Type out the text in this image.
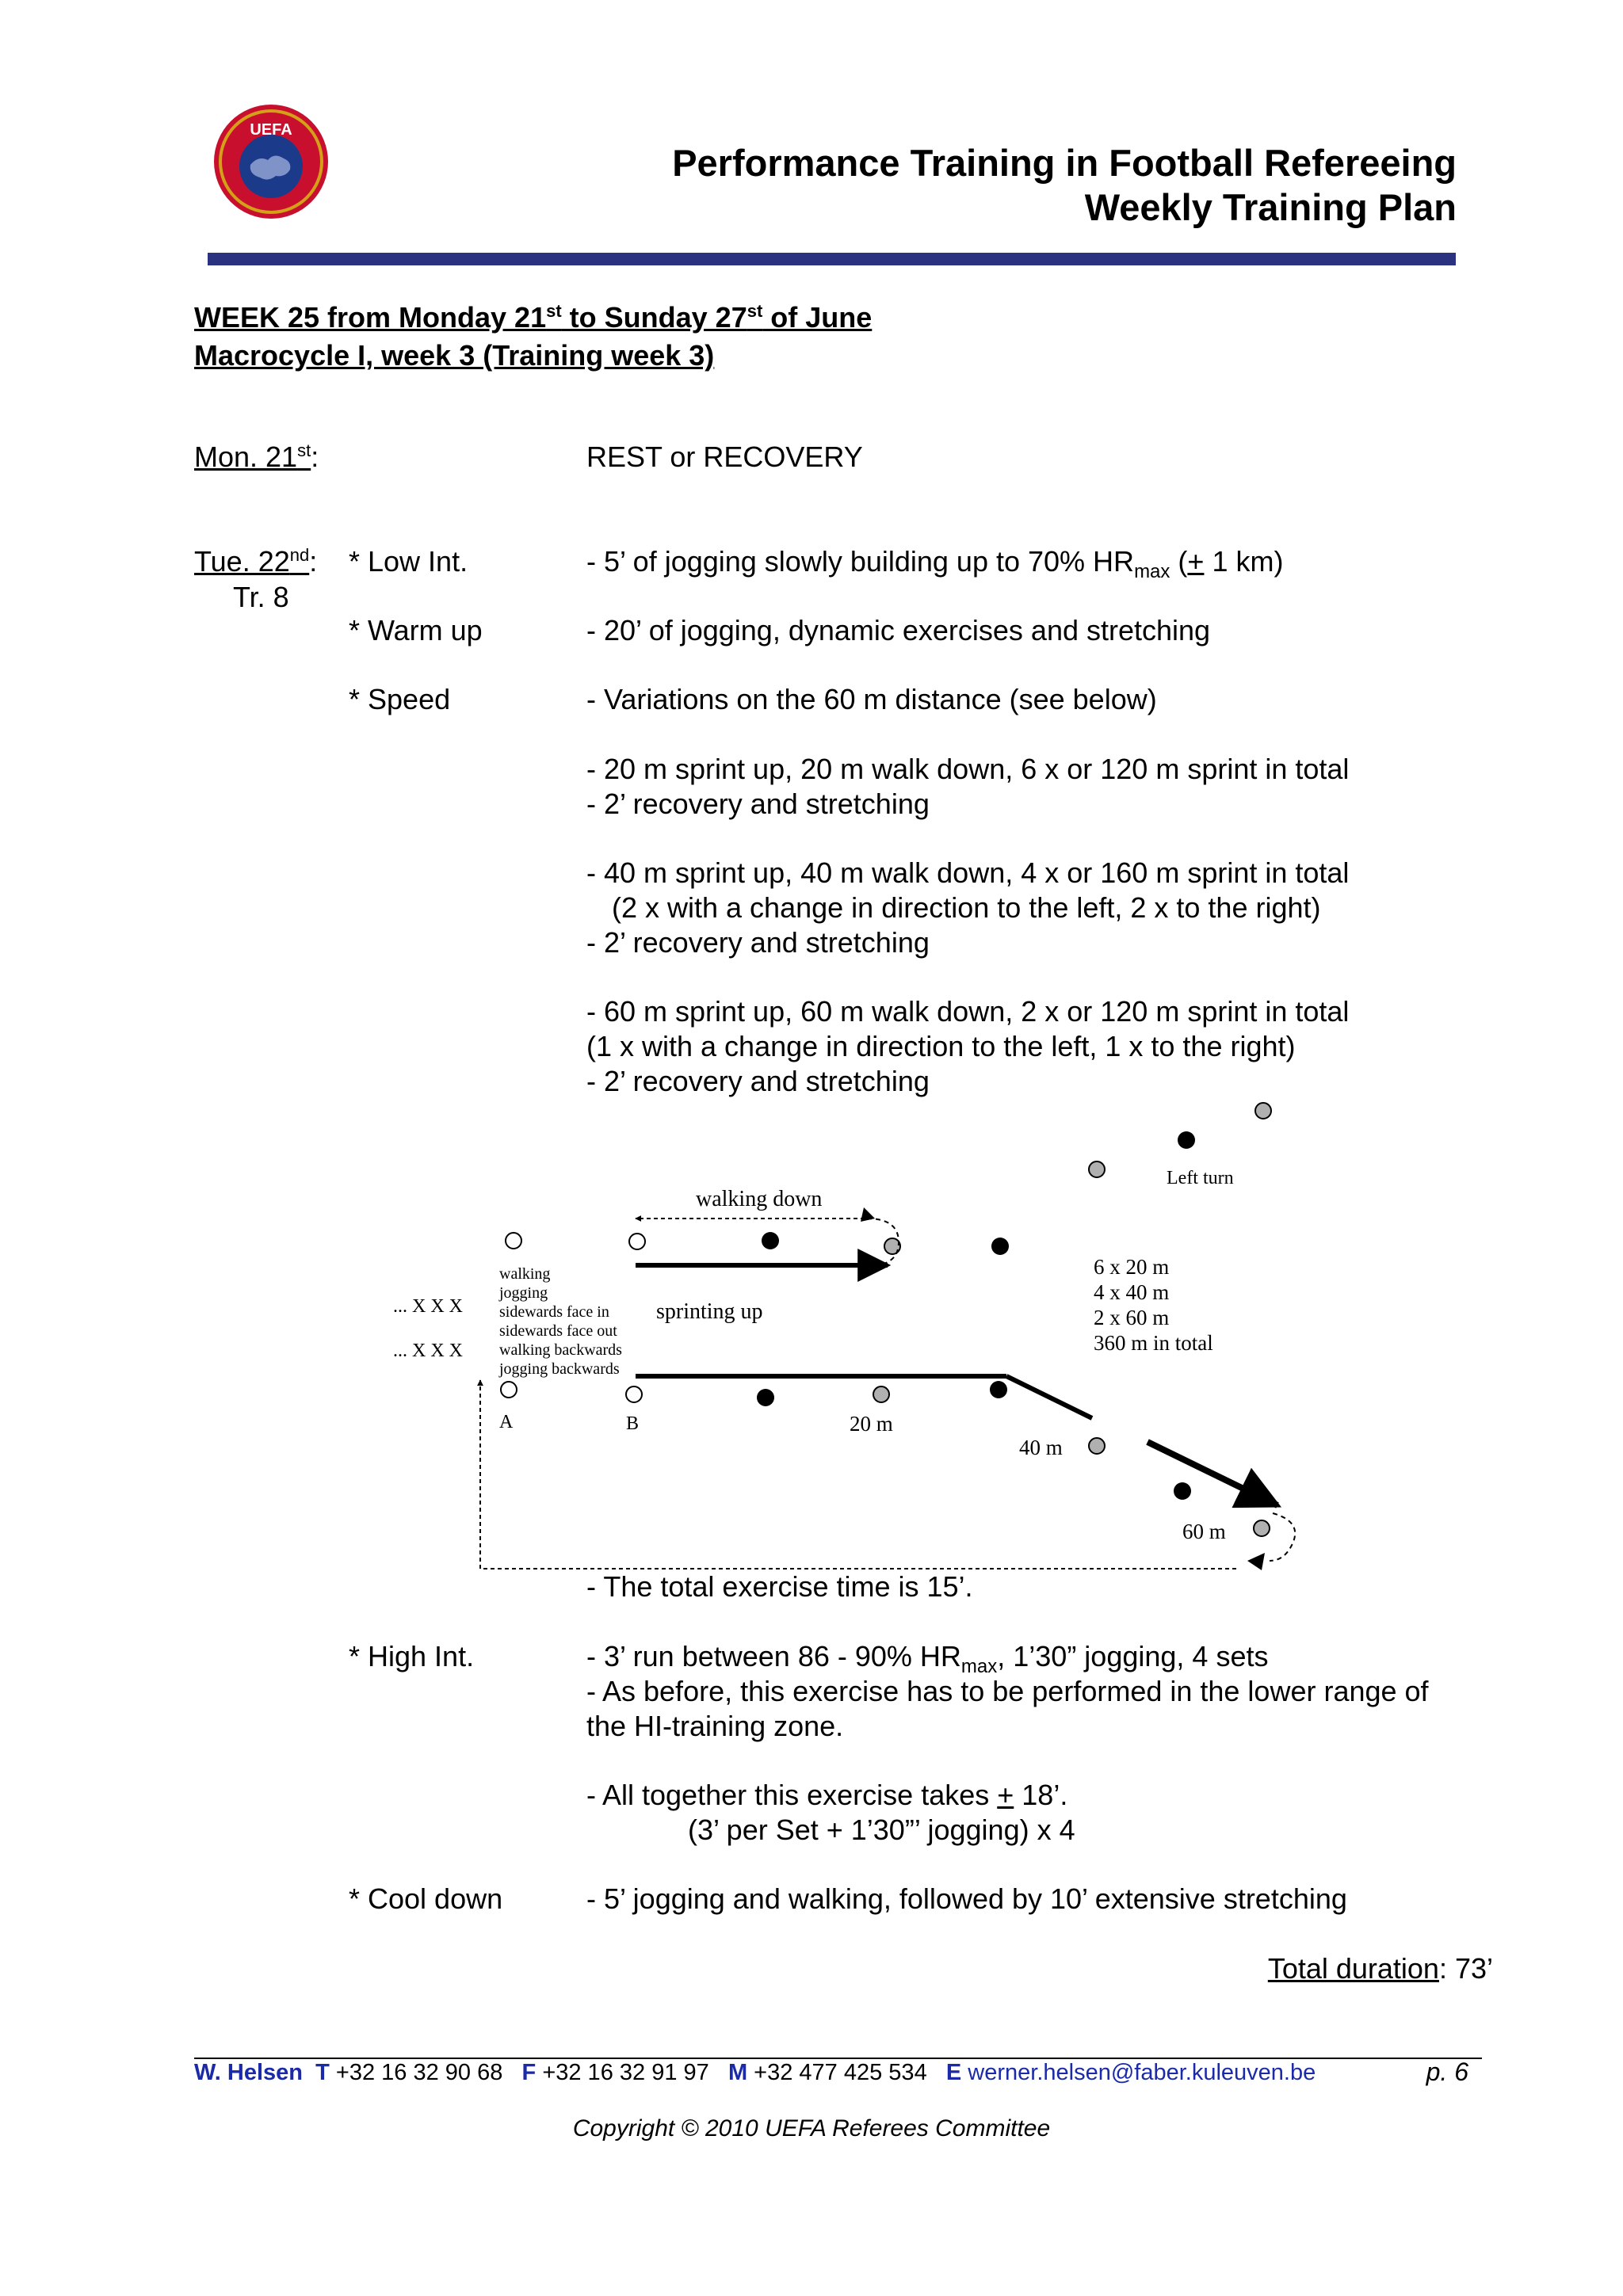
UEFA
Performance Training in Football Refereeing
Weekly Training Plan
WEEK 25 from Monday 21st to Sunday 27st of June
Macrocycle I, week 3 (Training week 3)
Mon. 21st:	REST or RECOVERY
Tue. 22nd:
Tr. 8
* Low Int.	- 5’ of jogging slowly building up to 70% $HR_{max}$ (+ 1 km)
* Warm up	- 20’ of jogging, dynamic exercises and stretching
* Speed	- Variations on the 60 m distance (see below)
- 20 m sprint up, 20 m walk down, 6 x or 120 m sprint in total
- 2’ recovery and stretching
- 40 m sprint up, 40 m walk down, 4 x or 160 m sprint in total
(2 x with a change in direction to the left, 2 x to the right)
- 2’ recovery and stretching
- 60 m sprint up, 60 m walk down, 2 x or 120 m sprint in total
(1 x with a change in direction to the left, 1 x to the right)
- 2’ recovery and stretching
walking down
sprinting up
Left turn
... X X X
... X X X
walking
jogging
sidewards face in
sidewards face out
walking backwards
jogging backwards
6 x 20 m
4 x 40 m
2 x 60 m
360 m in total
A	B	20 m
40 m
60 m
- The total exercise time is 15’.
* High Int.	- 3’ run between 86 - 90% $HR_{max}$, 1’30” jogging, 4 sets
- As before, this exercise has to be performed in the lower range of
the HI-training zone.
- All together this exercise takes + 18’.
(3’ per Set + 1’30”’ jogging) x 4
* Cool down	- 5’ jogging and walking, followed by 10’ extensive stretching
Total duration: 73’
W. Helsen T +32 16 32 90 68 F +32 16 32 91 97 M +32 477 425 534 E werner.helsen@faber.kuleuven.be	p. 6
Copyright © 2010 UEFA Referees Committee
